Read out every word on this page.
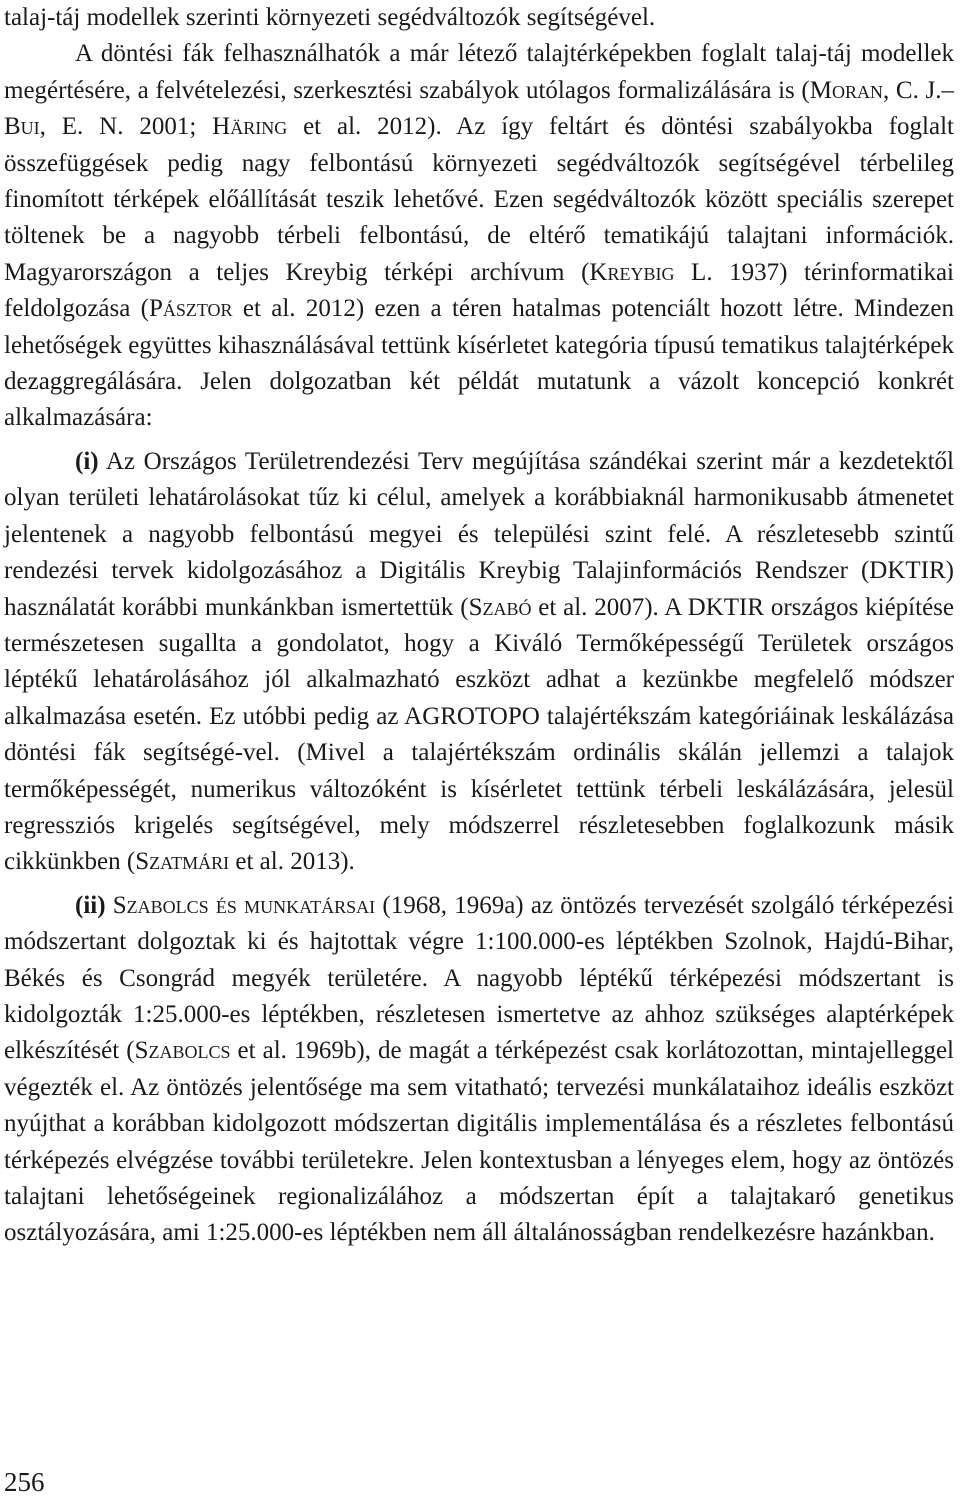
talaj-táj modellek szerinti környezeti segédváltozók segítségével.

A döntési fák felhasználhatók a már létező talajtérképekben foglalt talaj-táj modellek megértésére, a felvételezési, szerkesztési szabályok utólagos formalizálására is (Moran, C. J.–Bui, E. N. 2001; Häring et al. 2012). Az így feltárt és döntési szabályokba foglalt összefüggések pedig nagy felbontású környezeti segédváltozók segítségével térbelileg finomított térképek előállítását teszik lehetővé. Ezen segédváltozók között speciális szerepet töltenek be a nagyobb térbeli felbontású, de eltérő tematikájú talajtani információk. Magyarországon a teljes Kreybig térképi archívum (Kreybig L. 1937) térinformatikai feldolgozása (Pásztor et al. 2012) ezen a téren hatalmas potenciált hozott létre. Mindezen lehetőségek együttes kihasználásával tettünk kísérletet kategória típusú tematikus talajtérképek dezaggregálására. Jelen dolgozatban két példát mutatunk a vázolt koncepció konkrét alkalmazására:

(i) Az Országos Területrendezési Terv megújítása szándékai szerint már a kezdetektől olyan területi lehatárolásokat tűz ki célul, amelyek a korábbiaknál harmonikusabb átmenetet jelentenek a nagyobb felbontású megyei és települési szint felé. A részletesebb szintű rendezési tervek kidolgozásához a Digitális Kreybig Talajinformációs Rendszer (DKTIR) használatát korábbi munkánkban ismertettük (Szabó et al. 2007). A DKTIR országos kiépítése természetesen sugallta a gondolatot, hogy a Kiváló Termőképességű Területek országos léptékű lehatárolásához jól alkalmazható eszközt adhat a kezünkbe megfelelő módszer alkalmazása esetén. Ez utóbbi pedig az AGROTOPO talajértékszám kategóriáinak leskálázása döntési fák segítségé-vel. (Mivel a talajértékszám ordinális skálán jellemzi a talajok termőképességét, numerikus változóként is kísérletet tettünk térbeli leskálázására, jelesül regressziós krigelés segítségével, mely módszerrel részletesebben foglalkozunk másik cikkünkben (Szatmári et al. 2013).

(ii) Szabolcs és munkatársai (1968, 1969a) az öntözés tervezését szolgáló térképezési módszertant dolgoztak ki és hajtottak végre 1:100.000-es léptékben Szolnok, Hajdú-Bihar, Békés és Csongrád megyék területére. A nagyobb léptékű térképezési módszertant is kidolgozták 1:25.000-es léptékben, részletesen ismertetve az ahhoz szükséges alaptérképek elkészítését (Szabolcs et al. 1969b), de magát a térképezést csak korlátozottan, mintajelleggel végezték el. Az öntözés jelentősége ma sem vitatható; tervezési munkálataihoz ideális eszközt nyújthat a korábban kidolgozott módszertan digitális implementálása és a részletes felbontású térképezés elvégzése további területekre. Jelen kontextusban a lényeges elem, hogy az öntözés talajtani lehetőségeinek regionalizálához a módszertan épít a talajtakaró genetikus osztályozására, ami 1:25.000-es léptékben nem áll általánosságban rendelkezésre hazánkban.

256
